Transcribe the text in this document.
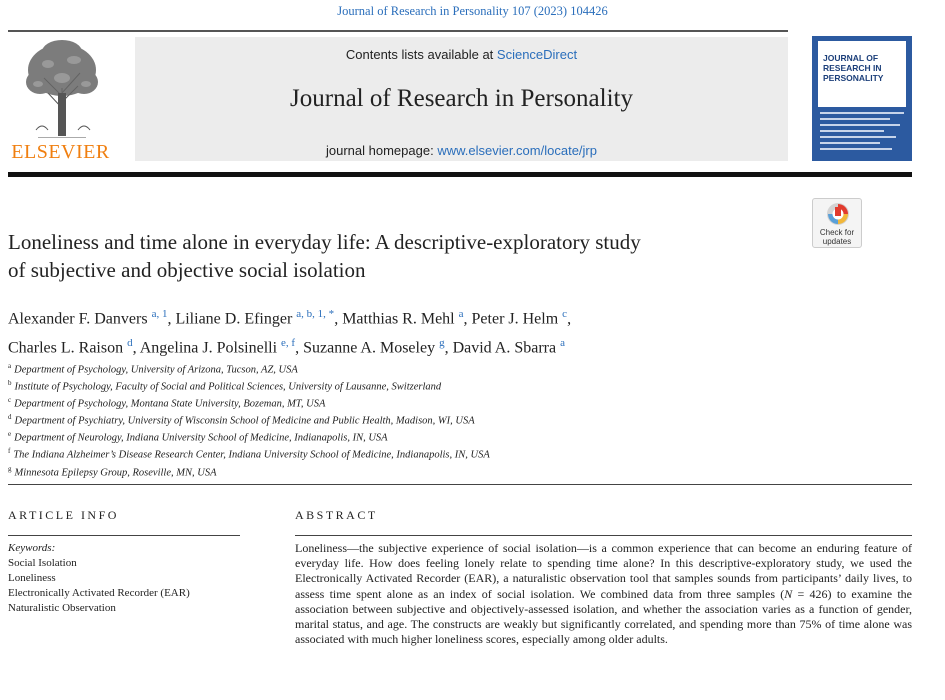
Journal of Research in Personality 107 (2023) 104426
ELSEVIER
Contents lists available at ScienceDirect
Journal of Research in Personality
journal homepage: www.elsevier.com/locate/jrp
JOURNAL OF RESEARCH IN PERSONALITY
Check for
updates
Loneliness and time alone in everyday life: A descriptive-exploratory study
of subjective and objective social isolation
Alexander F. Danvers $^{a, 1}$, Liliane D. Efinger $^{a, b, 1, *}$, Matthias R. Mehl $^a$, Peter J. Helm $^c$,
Charles L. Raison $^d$, Angelina J. Polsinelli $^{e, f}$, Suzanne A. Moseley $^g$, David A. Sbarra $^a$
$^a$ Department of Psychology, University of Arizona, Tucson, AZ, USA
$^b$ Institute of Psychology, Faculty of Social and Political Sciences, University of Lausanne, Switzerland
$^c$ Department of Psychology, Montana State University, Bozeman, MT, USA
$^d$ Department of Psychiatry, University of Wisconsin School of Medicine and Public Health, Madison, WI, USA
$^e$ Department of Neurology, Indiana University School of Medicine, Indianapolis, IN, USA
$^f$ The Indiana Alzheimer’s Disease Research Center, Indiana University School of Medicine, Indianapolis, IN, USA
$^g$ Minnesota Epilepsy Group, Roseville, MN, USA
ARTICLE INFO
Keywords:
Social Isolation
Loneliness
Electronically Activated Recorder (EAR)
Naturalistic Observation
ABSTRACT
Loneliness—the subjective experience of social isolation—is a common experience that can become an enduring feature of everyday life. How does feeling lonely relate to spending time alone? In this descriptive-exploratory study, we used the Electronically Activated Recorder (EAR), a naturalistic observation tool that samples sounds from participants’ daily lives, to assess time spent alone as an index of social isolation. We combined data from three samples (N = 426) to examine the association between subjective and objectively-assessed isolation, and whether the association varies as a function of gender, marital status, and age. The constructs are weakly but significantly correlated, and spending more than 75% of time alone was associated with much higher loneliness scores, especially among older adults.
